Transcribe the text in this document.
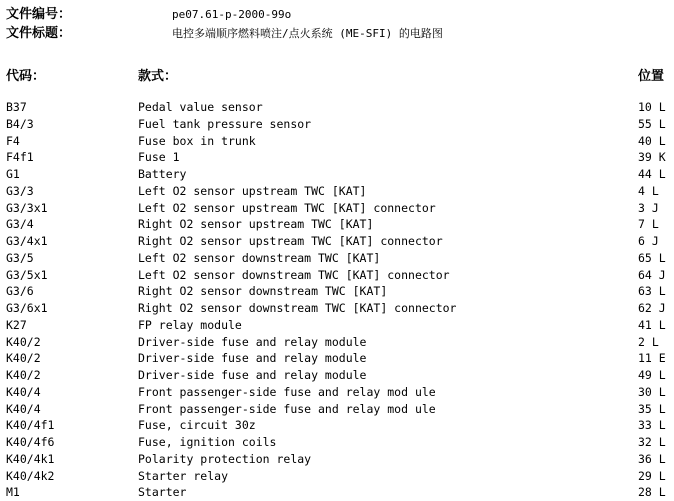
文件编号：	pe07.61-p-2000-99o
文件标题：	电控多端顺序燃料喷注/点火系统 (ME-SFI) 的电路图
代码：	款式：	位置
B37	Pedal value sensor	10 L
B4/3	Fuel tank pressure sensor	55 L
F4	Fuse box in trunk	40 L
F4f1	Fuse 1	39 K
G1	Battery	44 L
G3/3	Left O2 sensor upstream TWC [KAT]	4 L
G3/3x1	Left O2 sensor upstream TWC [KAT] connector	3 J
G3/4	Right O2 sensor upstream TWC [KAT]	7 L
G3/4x1	Right O2 sensor upstream TWC [KAT] connector	6 J
G3/5	Left O2 sensor downstream TWC [KAT]	65 L
G3/5x1	Left O2 sensor downstream TWC [KAT] connector	64 J
G3/6	Right O2 sensor downstream TWC [KAT]	63 L
G3/6x1	Right O2 sensor downstream TWC [KAT] connector	62 J
K27	FP relay module	41 L
K40/2	Driver-side fuse and relay module	2 L
K40/2	Driver-side fuse and relay module	11 E
K40/2	Driver-side fuse and relay module	49 L
K40/4	Front passenger-side fuse and relay mod ule	30 L
K40/4	Front passenger-side fuse and relay mod ule	35 L
K40/4f1	Fuse, circuit 30z	33 L
K40/4f6	Fuse, ignition coils	32 L
K40/4k1	Polarity protection relay	36 L
K40/4k2	Starter relay	29 L
M1	Starter	28 L
